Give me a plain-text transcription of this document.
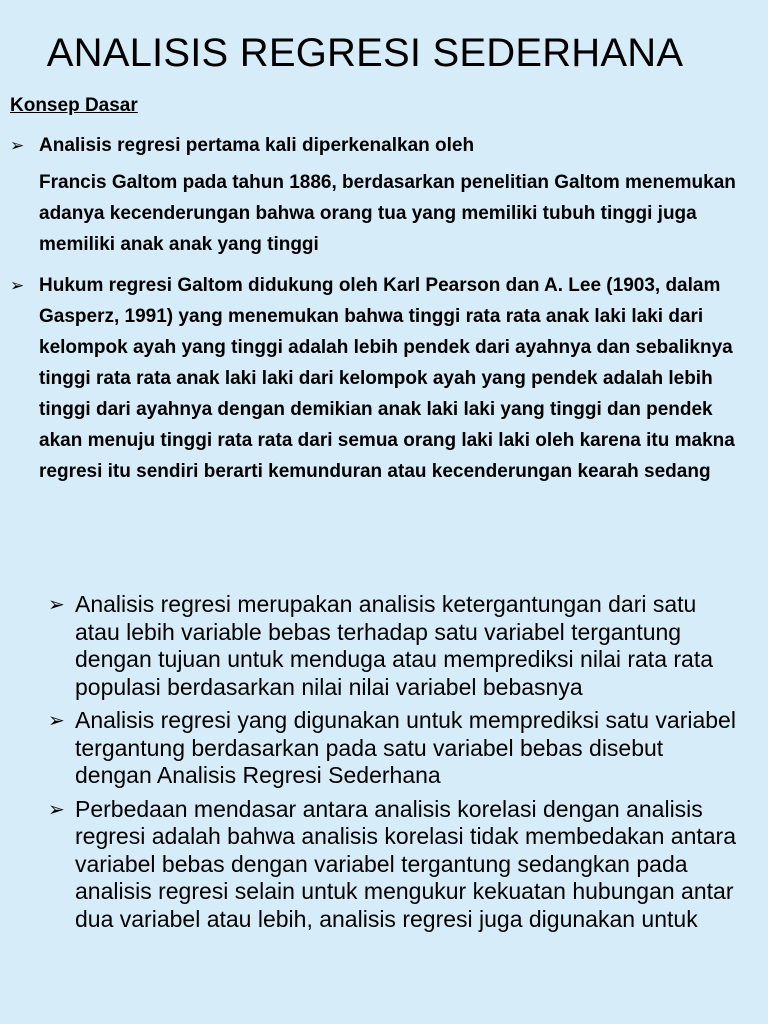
ANALISIS REGRESI SEDERHANA

Konsep Dasar

➢ Analisis regresi pertama kali diperkenalkan oleh
Francis Galtom pada tahun 1886, berdasarkan penelitian Galtom menemukan adanya kecenderungan bahwa orang tua yang memiliki tubuh tinggi juga memiliki anak anak yang tinggi
➢ Hukum regresi Galtom didukung oleh Karl Pearson dan A. Lee (1903, dalam Gasperz, 1991) yang menemukan bahwa tinggi rata rata anak laki laki dari kelompok ayah yang tinggi adalah lebih pendek dari ayahnya dan sebaliknya tinggi rata rata anak laki laki dari kelompok ayah yang pendek adalah lebih tinggi dari ayahnya dengan demikian anak laki laki yang tinggi dan pendek akan menuju tinggi rata rata dari semua orang laki laki oleh karena itu makna regresi itu sendiri berarti kemunduran atau kecenderungan kearah sedang
➢ Analisis regresi merupakan analisis ketergantungan dari satu atau lebih variable bebas terhadap satu variabel tergantung dengan tujuan untuk menduga atau memprediksi nilai rata rata populasi berdasarkan nilai nilai variabel bebasnya
➢ Analisis regresi yang digunakan untuk memprediksi satu variabel tergantung berdasarkan pada satu variabel bebas disebut dengan Analisis Regresi Sederhana
➢ Perbedaan mendasar antara analisis korelasi dengan analisis regresi adalah bahwa analisis korelasi tidak membedakan antara variabel bebas dengan variabel tergantung sedangkan pada analisis regresi selain untuk mengukur kekuatan hubungan antar dua variabel atau lebih, analisis regresi juga digunakan untuk
